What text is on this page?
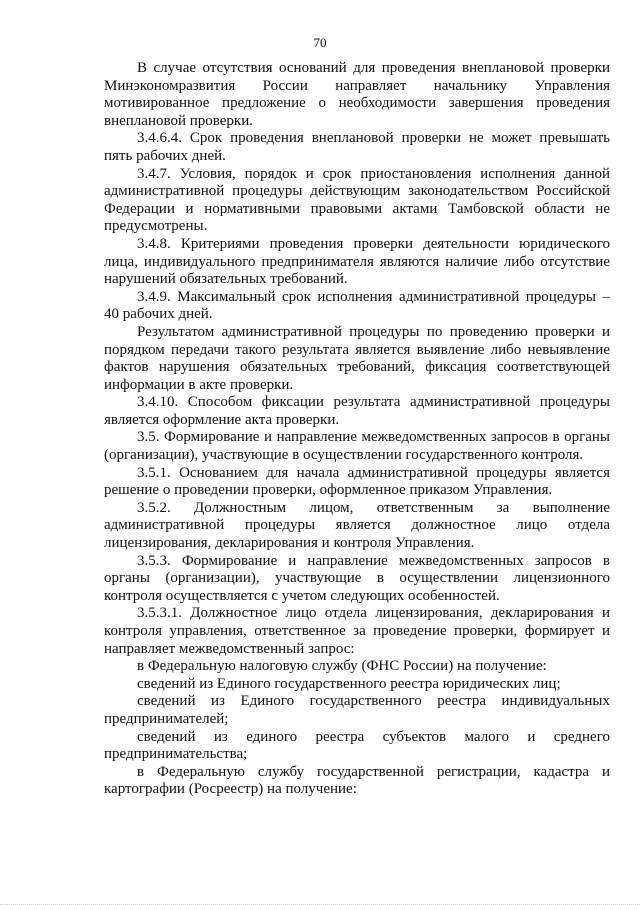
70

В случае отсутствия оснований для проведения внеплановой проверки Минэкономразвития России направляет начальнику Управления мотивированное предложение о необходимости завершения проведения внеплановой проверки.

3.4.6.4. Срок проведения внеплановой проверки не может превышать пять рабочих дней.

3.4.7. Условия, порядок и срок приостановления исполнения данной административной процедуры действующим законодательством Российской Федерации и нормативными правовыми актами Тамбовской области не предусмотрены.

3.4.8. Критериями проведения проверки деятельности юридического лица, индивидуального предпринимателя являются наличие либо отсутствие нарушений обязательных требований.

3.4.9. Максимальный срок исполнения административной процедуры – 40 рабочих дней.

Результатом административной процедуры по проведению проверки и порядком передачи такого результата является выявление либо невыявление фактов нарушения обязательных требований, фиксация соответствующей информации в акте проверки.

3.4.10. Способом фиксации результата административной процедуры является оформление акта проверки.

3.5. Формирование и направление межведомственных запросов в органы (организации), участвующие в осуществлении государственного контроля.

3.5.1. Основанием для начала административной процедуры является решение о проведении проверки, оформленное приказом Управления.

3.5.2. Должностным лицом, ответственным за выполнение административной процедуры является должностное лицо отдела лицензирования, декларирования и контроля Управления.

3.5.3. Формирование и направление межведомственных запросов в органы (организации), участвующие в осуществлении лицензионного контроля осуществляется с учетом следующих особенностей.

3.5.3.1. Должностное лицо отдела лицензирования, декларирования и контроля управления, ответственное за проведение проверки, формирует и направляет межведомственный запрос:

в Федеральную налоговую службу (ФНС России) на получение:

сведений из Единого государственного реестра юридических лиц;

сведений из Единого государственного реестра индивидуальных предпринимателей;

сведений из единого реестра субъектов малого и среднего предпринимательства;

в Федеральную службу государственной регистрации, кадастра и картографии (Росреестр) на получение:
